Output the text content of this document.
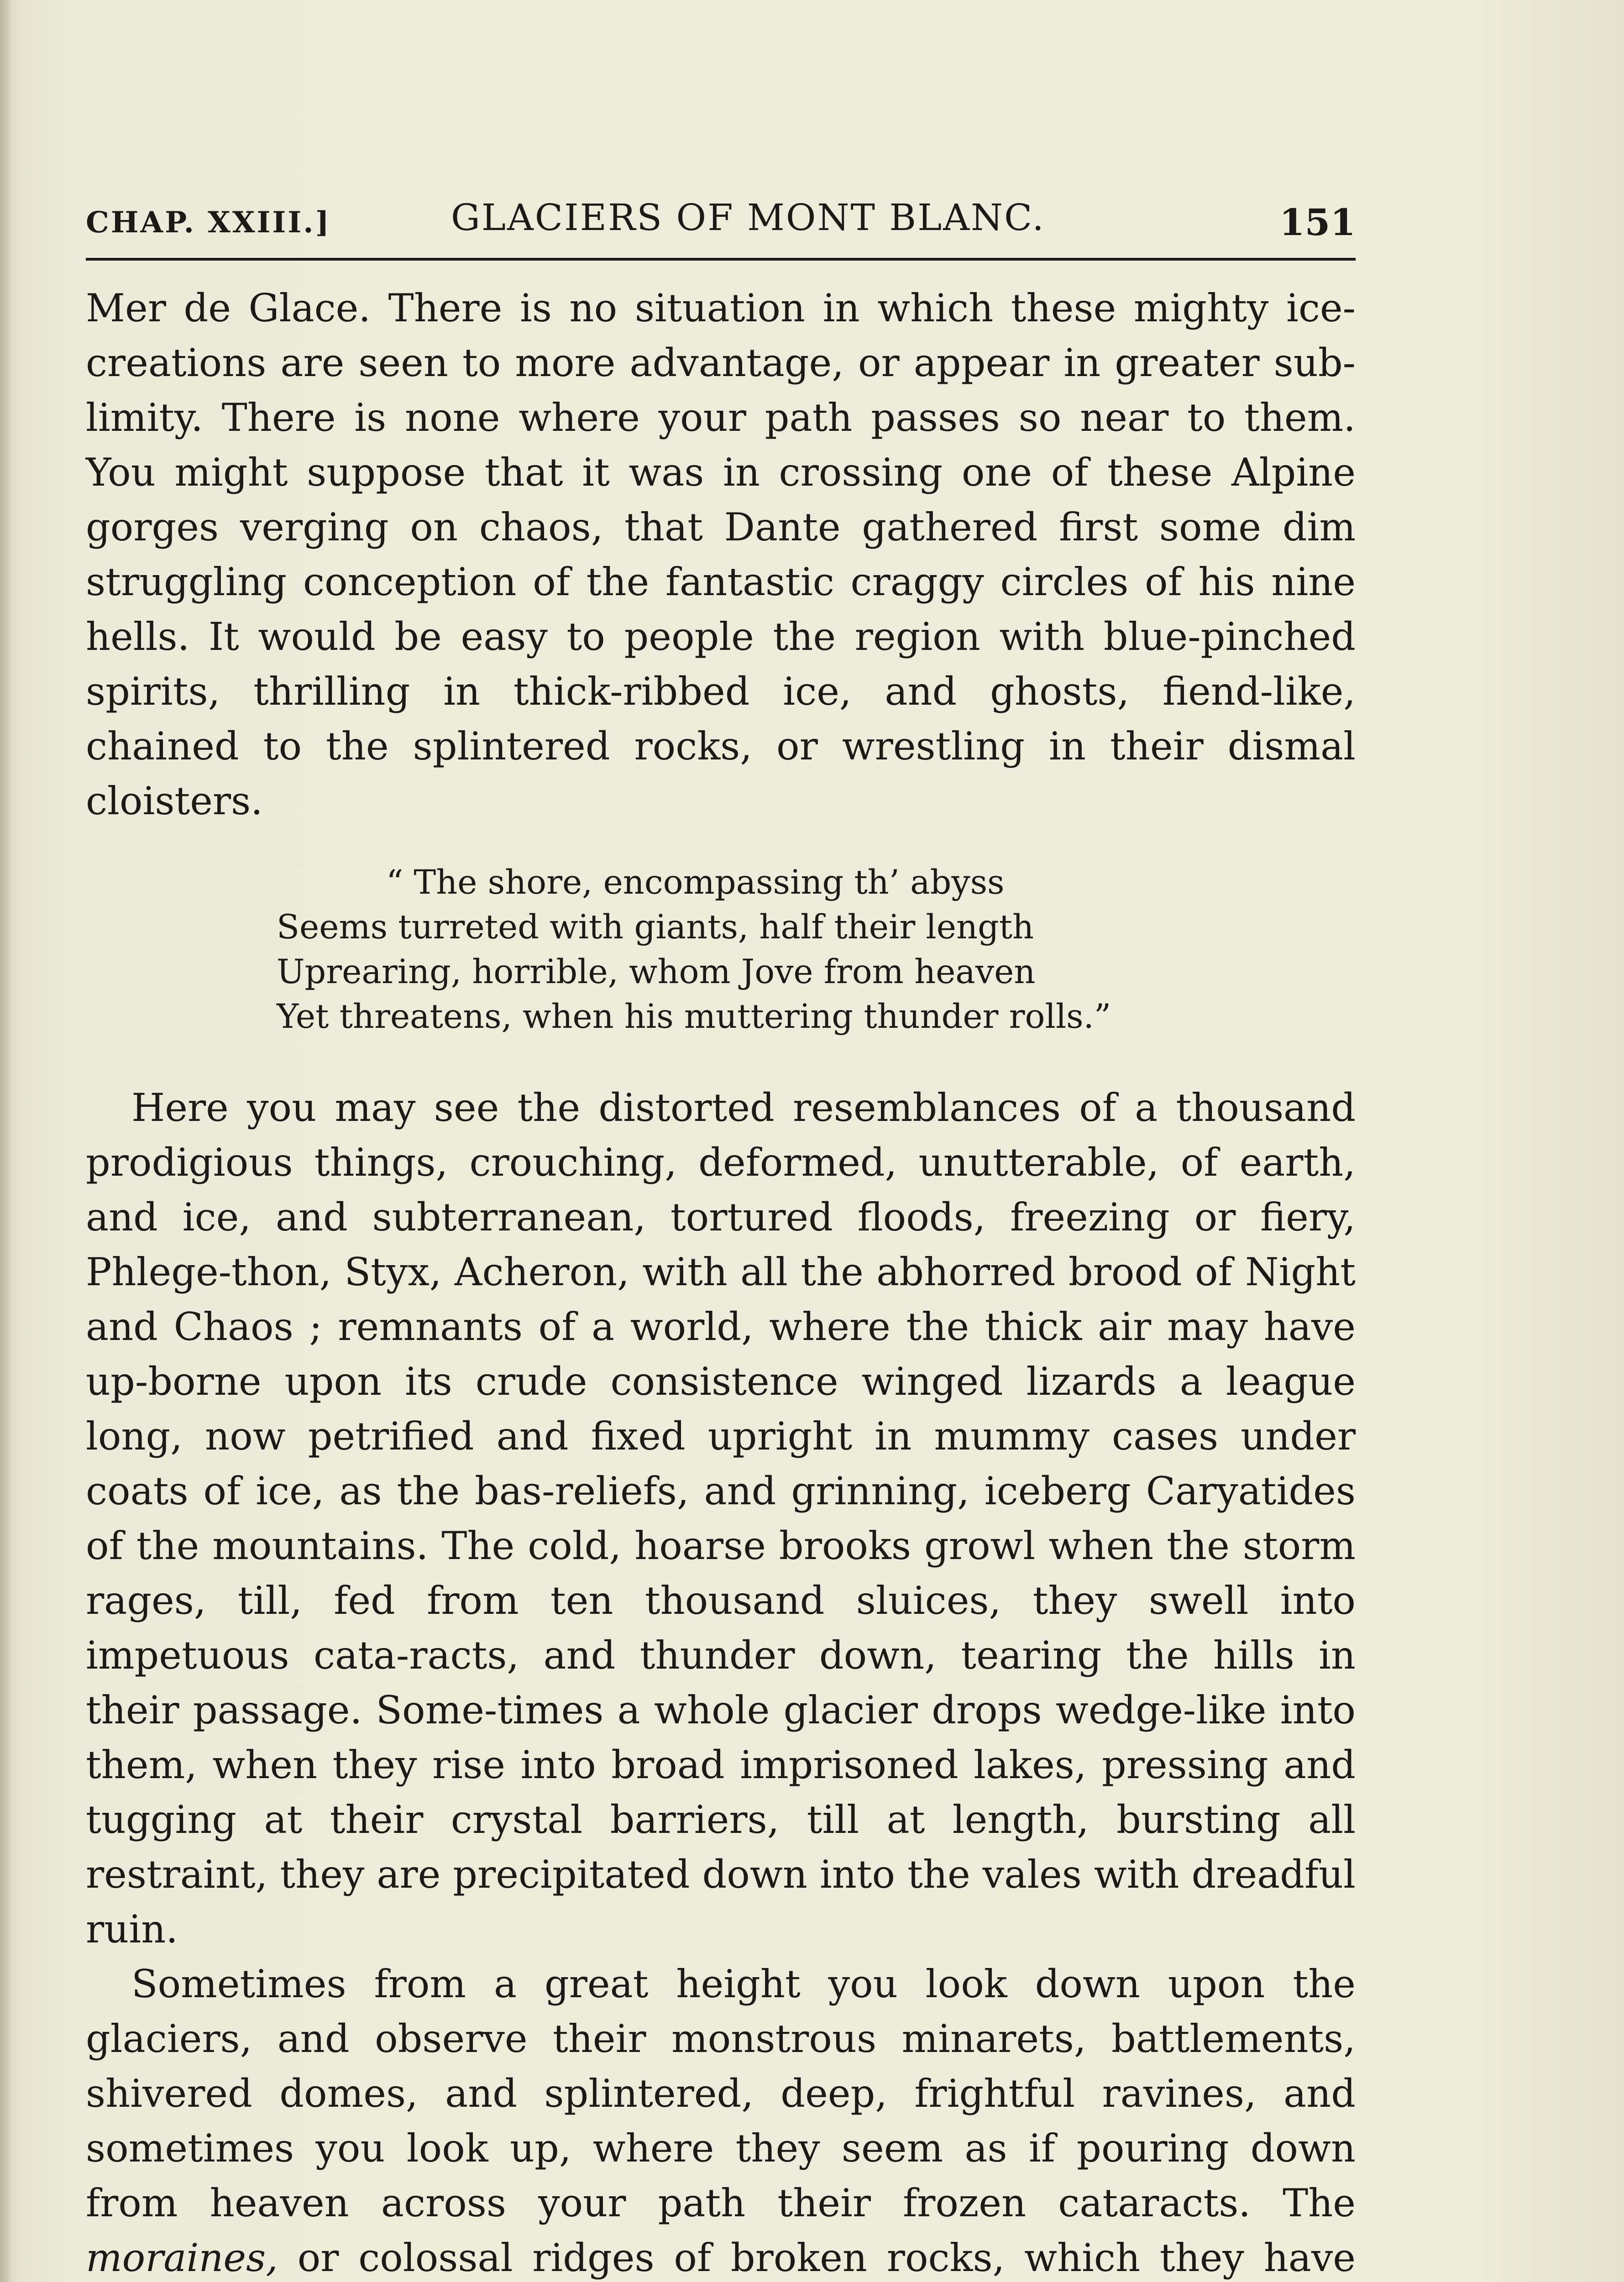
CHAP. XXIII.]	GLACIERS OF MONT BLANC.	151

Mer de Glace. There is no situation in which these mighty ice-creations are seen to more advantage, or appear in greater sub-limity. There is none where your path passes so near to them. You might suppose that it was in crossing one of these Alpine gorges verging on chaos, that Dante gathered first some dim struggling conception of the fantastic craggy circles of his nine hells. It would be easy to people the region with blue-pinched spirits, thrilling in thick-ribbed ice, and ghosts, fiend-like, chained to the splintered rocks, or wrestling in their dismal cloisters.

“ The shore, encompassing th’ abyss
Seems turreted with giants, half their length
Uprearing, horrible, whom Jove from heaven
Yet threatens, when his muttering thunder rolls.”

Here you may see the distorted resemblances of a thousand prodigious things, crouching, deformed, unutterable, of earth, and ice, and subterranean, tortured floods, freezing or fiery, Phlege-thon, Styx, Acheron, with all the abhorred brood of Night and Chaos ; remnants of a world, where the thick air may have up-borne upon its crude consistence winged lizards a league long, now petrified and fixed upright in mummy cases under coats of ice, as the bas-reliefs, and grinning, iceberg Caryatides of the mountains. The cold, hoarse brooks growl when the storm rages, till, fed from ten thousand sluices, they swell into impetuous cata-racts, and thunder down, tearing the hills in their passage. Some-times a whole glacier drops wedge-like into them, when they rise into broad imprisoned lakes, pressing and tugging at their crystal barriers, till at length, bursting all restraint, they are precipitated down into the vales with dreadful ruin.

Sometimes from a great height you look down upon the glaciers, and observe their monstrous minarets, battlements, shivered domes, and splintered, deep, frightful ravines, and sometimes you look up, where they seem as if pouring down from heaven across your path their frozen cataracts. The moraines, or colossal ridges of broken rocks, which they have
